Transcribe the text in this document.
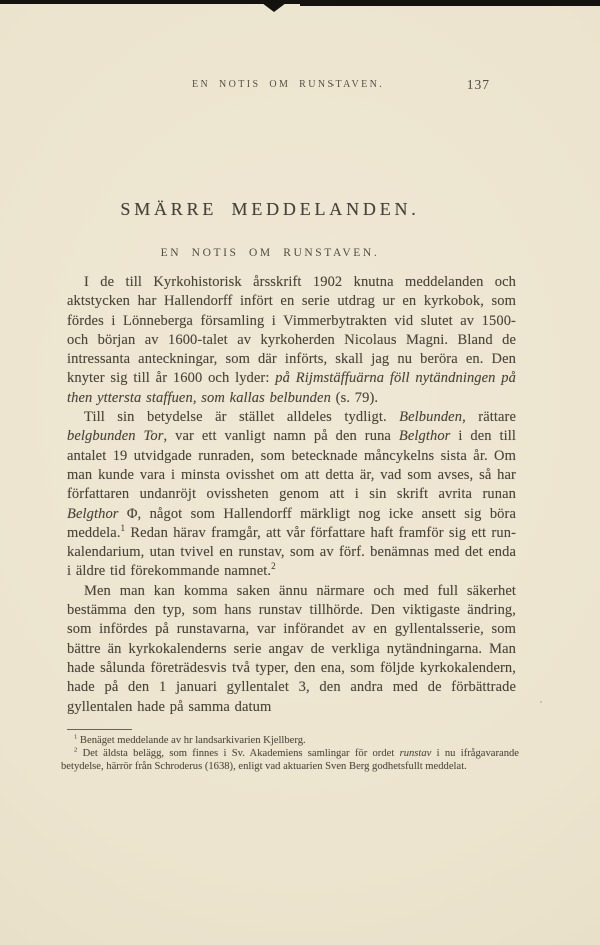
EN NOTIS OM RUNSTAVEN.	137
SMÄRRE MEDDELANDEN.
EN NOTIS OM RUNSTAVEN.

I de till Kyrkohistorisk årsskrift 1902 knutna meddelanden och aktstycken har Hallendorff infört en serie utdrag ur en kyrkobok, som fördes i Lönneberga församling i Vimmerbytrakten vid slutet av 1500- och början av 1600-talet av kyrkoherden Nicolaus Magni. Bland de intressanta anteckningar, som där införts, skall jag nu beröra en. Den knyter sig till år 1600 och lyder: på Rijmstäffuärna föll nytändningen på then yttersta staffuen, som kallas belbunden (s. 79).

Till sin betydelse är stället alldeles tydligt. Belbunden, rättare belgbunden Tor, var ett vanligt namn på den runa Belgthor i den till antalet 19 utvidgade runraden, som betecknade måncykelns sista år. Om man kunde vara i minsta ovisshet om att detta är, vad som avses, så har författaren undanröjt ovissheten genom att i sin skrift avrita runan Belgthor Φ, något som Hallendorff märkligt nog icke ansett sig böra meddela.$^1$ Redan härav framgår, att vår författare haft framför sig ett run-kalendarium, utan tvivel en runstav, som av förf. benämnas med det enda i äldre tid förekommande namnet.$^2$

Men man kan komma saken ännu närmare och med full säkerhet bestämma den typ, som hans runstav tillhörde. Den viktigaste ändring, som infördes på runstavarna, var införandet av en gyllentalsserie, som bättre än kyrkokalenderns serie angav de verkliga nytändningarna. Man hade sålunda företrädesvis två typer, den ena, som följde kyrkokalendern, hade på den 1 januari gyllentalet 3, den andra med de förbättrade gyllentalen hade på samma datum

$^1$ Benäget meddelande av hr landsarkivarien Kjellberg.

$^2$ Det äldsta belägg, som finnes i Sv. Akademiens samlingar för ordet runstav i nu ifrågavarande betydelse, härrör från Schroderus (1638), enligt vad aktuarien Sven Berg godhetsfullt meddelat.
